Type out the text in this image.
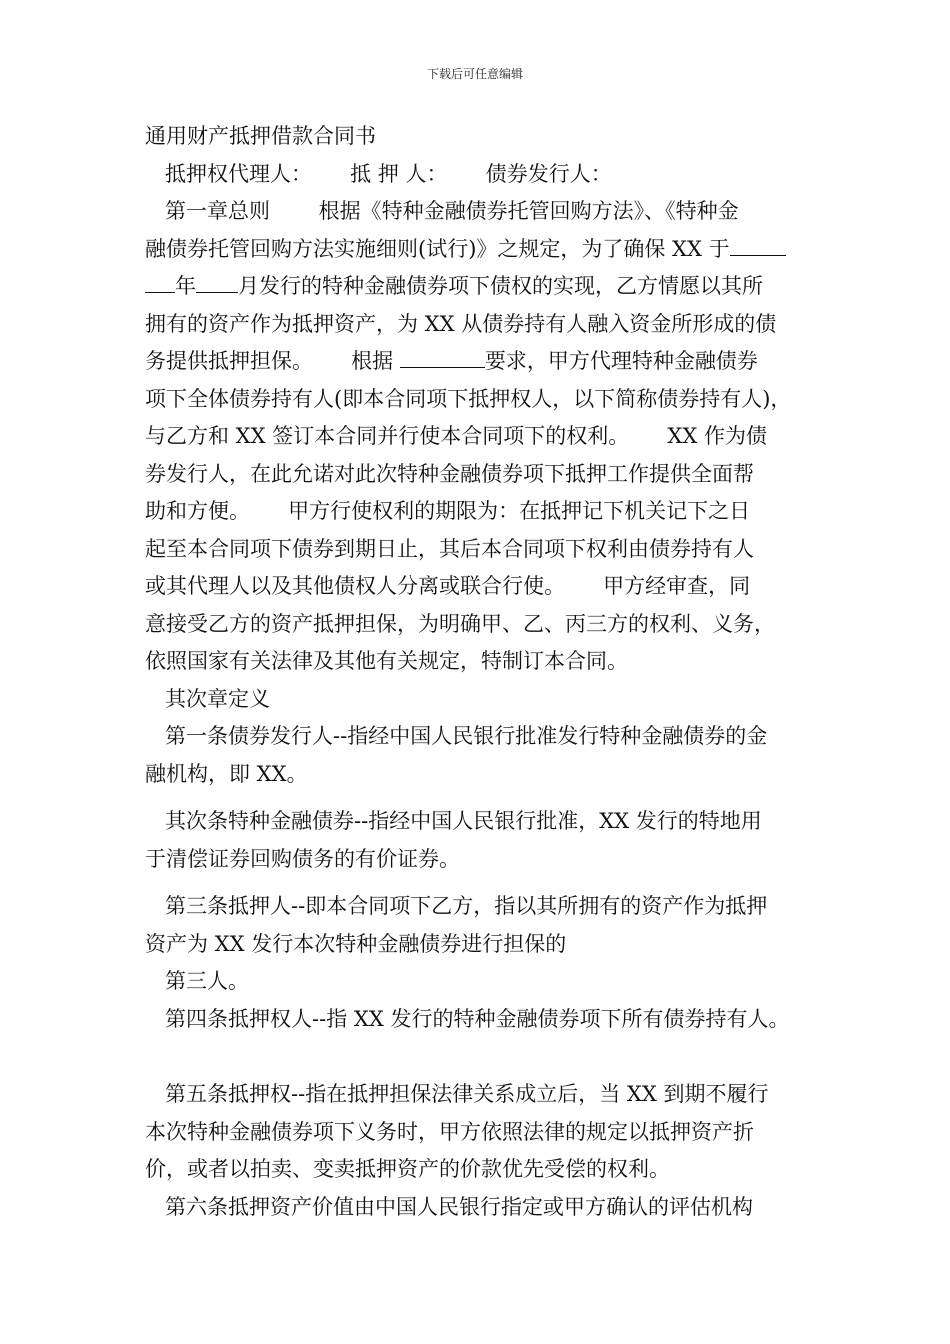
下载后可任意编辑

通用财产抵押借款合同书

抵押权代理人：　　 抵 押 人：　　 债券发行人：

第一章总则　　 根据《特种金融债券托管回购方法》、《特种金

融债券托管回购方法实施细则(试行)》之规定，为了确保 XX 于

年 月发行的特种金融债券项下债权的实现，乙方情愿以其所

拥有的资产作为抵押资产，为 XX 从债券持有人融入资金所形成的债

务提供抵押担保。　　 根据	要求，甲方代理特种金融债券

项下全体债券持有人(即本合同项下抵押权人，以下简称债券持有人)，

与乙方和 XX 签订本合同并行使本合同项下的权利。　　 XX 作为债

券发行人，在此允诺对此次特种金融债券项下抵押工作提供全面帮

助和方便。　　 甲方行使权利的期限为：在抵押记下机关记下之日

起至本合同项下债券到期日止，其后本合同项下权利由债券持有人

或其代理人以及其他债权人分离或联合行使。　　 甲方经审查，同

意接受乙方的资产抵押担保，为明确甲、乙、丙三方的权利、义务，

依照国家有关法律及其他有关规定，特制订本合同。

其次章定义

第一条债券发行人--指经中国人民银行批准发行特种金融债券的金

融机构，即 XX。

其次条特种金融债券--指经中国人民银行批准，XX 发行的特地用

于清偿证券回购债务的有价证券。

第三条抵押人--即本合同项下乙方，指以其所拥有的资产作为抵押

资产为 XX 发行本次特种金融债券进行担保的

第三人。

第四条抵押权人--指 XX 发行的特种金融债券项下所有债券持有人。

第五条抵押权--指在抵押担保法律关系成立后，当 XX 到期不履行

本次特种金融债券项下义务时，甲方依照法律的规定以抵押资产折

价，或者以拍卖、变卖抵押资产的价款优先受偿的权利。

第六条抵押资产价值由中国人民银行指定或甲方确认的评估机构
